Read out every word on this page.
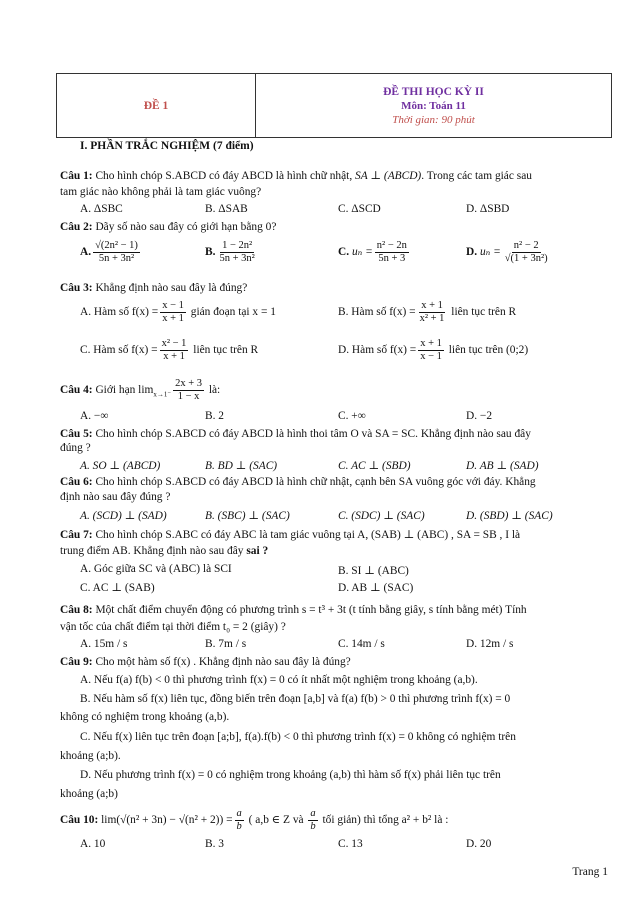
ĐỀ 1
ĐỀ THI HỌC KỲ II
Môn: Toán 11
Thời gian: 90 phút
I. PHẦN TRẮC NGHIỆM (7 điểm)
Câu 1: Cho hình chóp S.ABCD có đáy ABCD là hình chữ nhật, SA ⊥ (ABCD). Trong các tam giác sau
tam giác nào không phải là tam giác vuông?
A. ΔSBC	B. ΔSAB	C. ΔSCD	D. ΔSBD
Câu 2: Dãy số nào sau đây có giới hạn bằng 0?
A. $\frac{\text{√(2n² − 1)}}{\text{5n + 3n²}}$	B. $\frac{\text{1 − 2n²}}{\text{5n + 3n²}}$	C. $u_n = \frac{\text{n² − 2n}}{5n + 3}$	D. $u_n = \frac{\text{n² − 2}}{\text{√(1 + 3n²)}}$
Câu 3: Khẳng định nào sau đây là đúng?
A. Hàm số $f(x) = \frac{x - 1}{x + 1}$ gián đoạn tại x = 1	B. Hàm số $f(x) = \frac{x + 1}{\text{x² + 1}}$ liên tục trên R
C. Hàm số $f(x) = \frac{\text{x² − 1}}{x + 1}$ liên tục trên R	D. Hàm số $f(x) = \frac{x + 1}{x - 1}$ liên tục trên (0;2)
Câu 4: Giới hạn $\lim_{x\to 1^-} \frac{2x + 3}{1 - x}$ là:
A. −∞	B. 2	C. +∞	D. −2
Câu 5: Cho hình chóp S.ABCD có đáy ABCD là hình thoi tâm O và SA = SC. Khẳng định nào sau đây
đúng ?
A. SO ⊥ (ABCD)	B. BD ⊥ (SAC)	C. AC ⊥ (SBD)	D. AB ⊥ (SAD)
Câu 6: Cho hình chóp S.ABCD có đáy ABCD là hình chữ nhật, cạnh bên SA vuông góc với đáy. Khẳng
định nào sau đây đúng ?
A. (SCD) ⊥ (SAD)	B. (SBC) ⊥ (SAC)	C. (SDC) ⊥ (SAC)	D. (SBD) ⊥ (SAC)
Câu 7: Cho hình chóp S.ABC có đáy ABC là tam giác vuông tại A, (SAB) ⊥ (ABC) , SA = SB , I là
trung điểm AB. Khẳng định nào sau đây sai ?
A. Góc giữa SC và (ABC) là SCI	B. SI ⊥ (ABC)
C. AC ⊥ (SAB)	D. AB ⊥ (SAC)
Câu 8: Một chất điểm chuyển động có phương trình s = t³ + 3t (t tính bằng giây, s tính bằng mét) Tính
vận tốc của chất điểm tại thời điểm t₀ = 2 (giây) ?
A. 15m / s	B. 7m / s	C. 14m / s	D. 12m / s
Câu 9: Cho một hàm số f(x) . Khẳng định nào sau đây là đúng?
A. Nếu f(a) f(b) < 0 thì phương trình f(x) = 0 có ít nhất một nghiệm trong khoảng (a,b).
B. Nếu hàm số f(x) liên tục, đồng biến trên đoạn [a,b] và f(a) f(b) > 0 thì phương trình f(x) = 0
không có nghiệm trong khoảng (a,b).
C. Nếu f(x) liên tục trên đoạn [a;b], f(a).f(b) < 0 thì phương trình f(x) = 0 không có nghiệm trên
khoảng (a;b).
D. Nếu phương trình f(x) = 0 có nghiệm trong khoảng (a,b) thì hàm số f(x) phải liên tục trên
khoảng (a;b)
Câu 10: $\lim(√(n^2 + 3n) - √(n^2 + 2)) = \frac{a}{b}$ ( a,b ∈ Z và $\frac{a}{b}$ tối giản) thì tổng a² + b² là :
A. 10	B. 3	C. 13	D. 20
Trang 1
